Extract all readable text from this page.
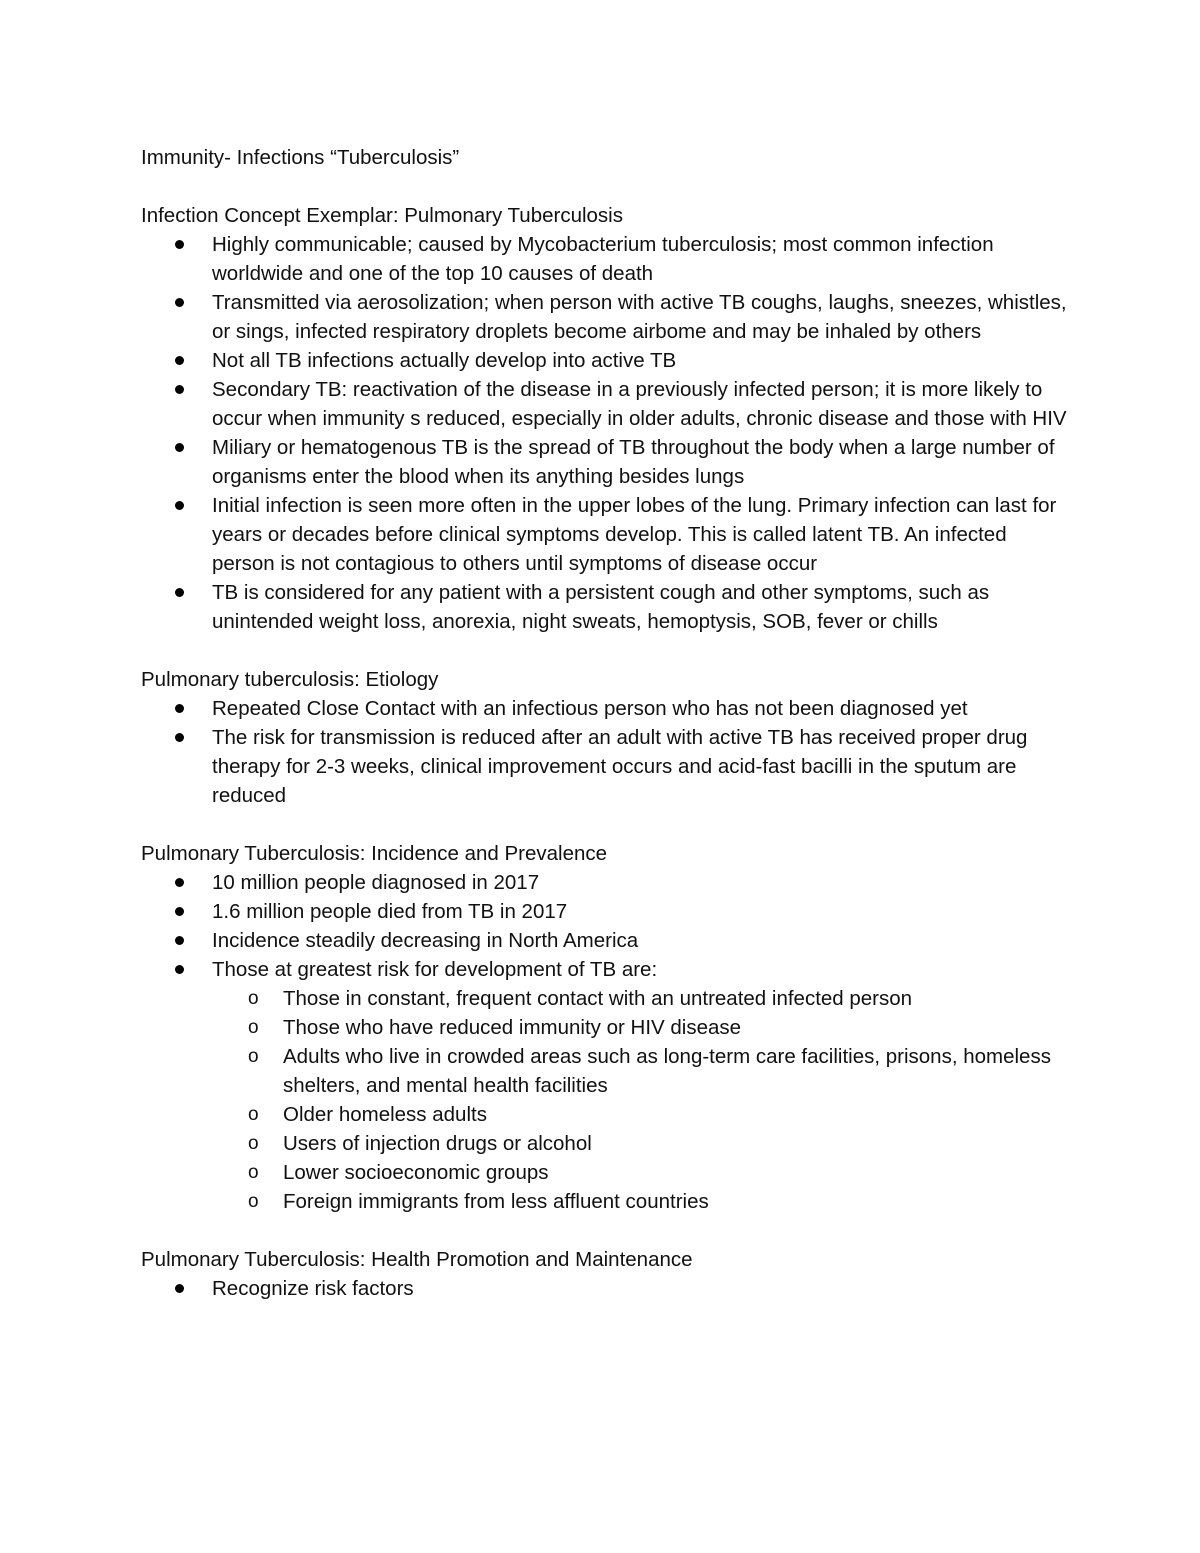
Immunity- Infections “Tuberculosis”

Infection Concept Exemplar: Pulmonary Tuberculosis

Highly communicable; caused by Mycobacterium tuberculosis; most common infection worldwide and one of the top 10 causes of death
Transmitted via aerosolization; when person with active TB coughs, laughs, sneezes, whistles, or sings, infected respiratory droplets become airbome and may be inhaled by others
Not all TB infections actually develop into active TB
Secondary TB: reactivation of the disease in a previously infected person; it is more likely to occur when immunity s reduced, especially in older adults, chronic disease and those with HIV
Miliary or hematogenous TB is the spread of TB throughout the body when a large number of organisms enter the blood when its anything besides lungs
Initial infection is seen more often in the upper lobes of the lung. Primary infection can last for years or decades before clinical symptoms develop. This is called latent TB. An infected person is not contagious to others until symptoms of disease occur
TB is considered for any patient with a persistent cough and other symptoms, such as unintended weight loss, anorexia, night sweats, hemoptysis, SOB, fever or chills

Pulmonary tuberculosis: Etiology

Repeated Close Contact with an infectious person who has not been diagnosed yet
The risk for transmission is reduced after an adult with active TB has received proper drug therapy for 2-3 weeks, clinical improvement occurs and acid-fast bacilli in the sputum are reduced

Pulmonary Tuberculosis: Incidence and Prevalence

10 million people diagnosed in 2017
1.6 million people died from TB in 2017
Incidence steadily decreasing in North America
Those at greatest risk for development of TB are:
o Those in constant, frequent contact with an untreated infected person
o Those who have reduced immunity or HIV disease
o Adults who live in crowded areas such as long-term care facilities, prisons, homeless shelters, and mental health facilities
o Older homeless adults
o Users of injection drugs or alcohol
o Lower socioeconomic groups
o Foreign immigrants from less affluent countries

Pulmonary Tuberculosis: Health Promotion and Maintenance

Recognize risk factors
